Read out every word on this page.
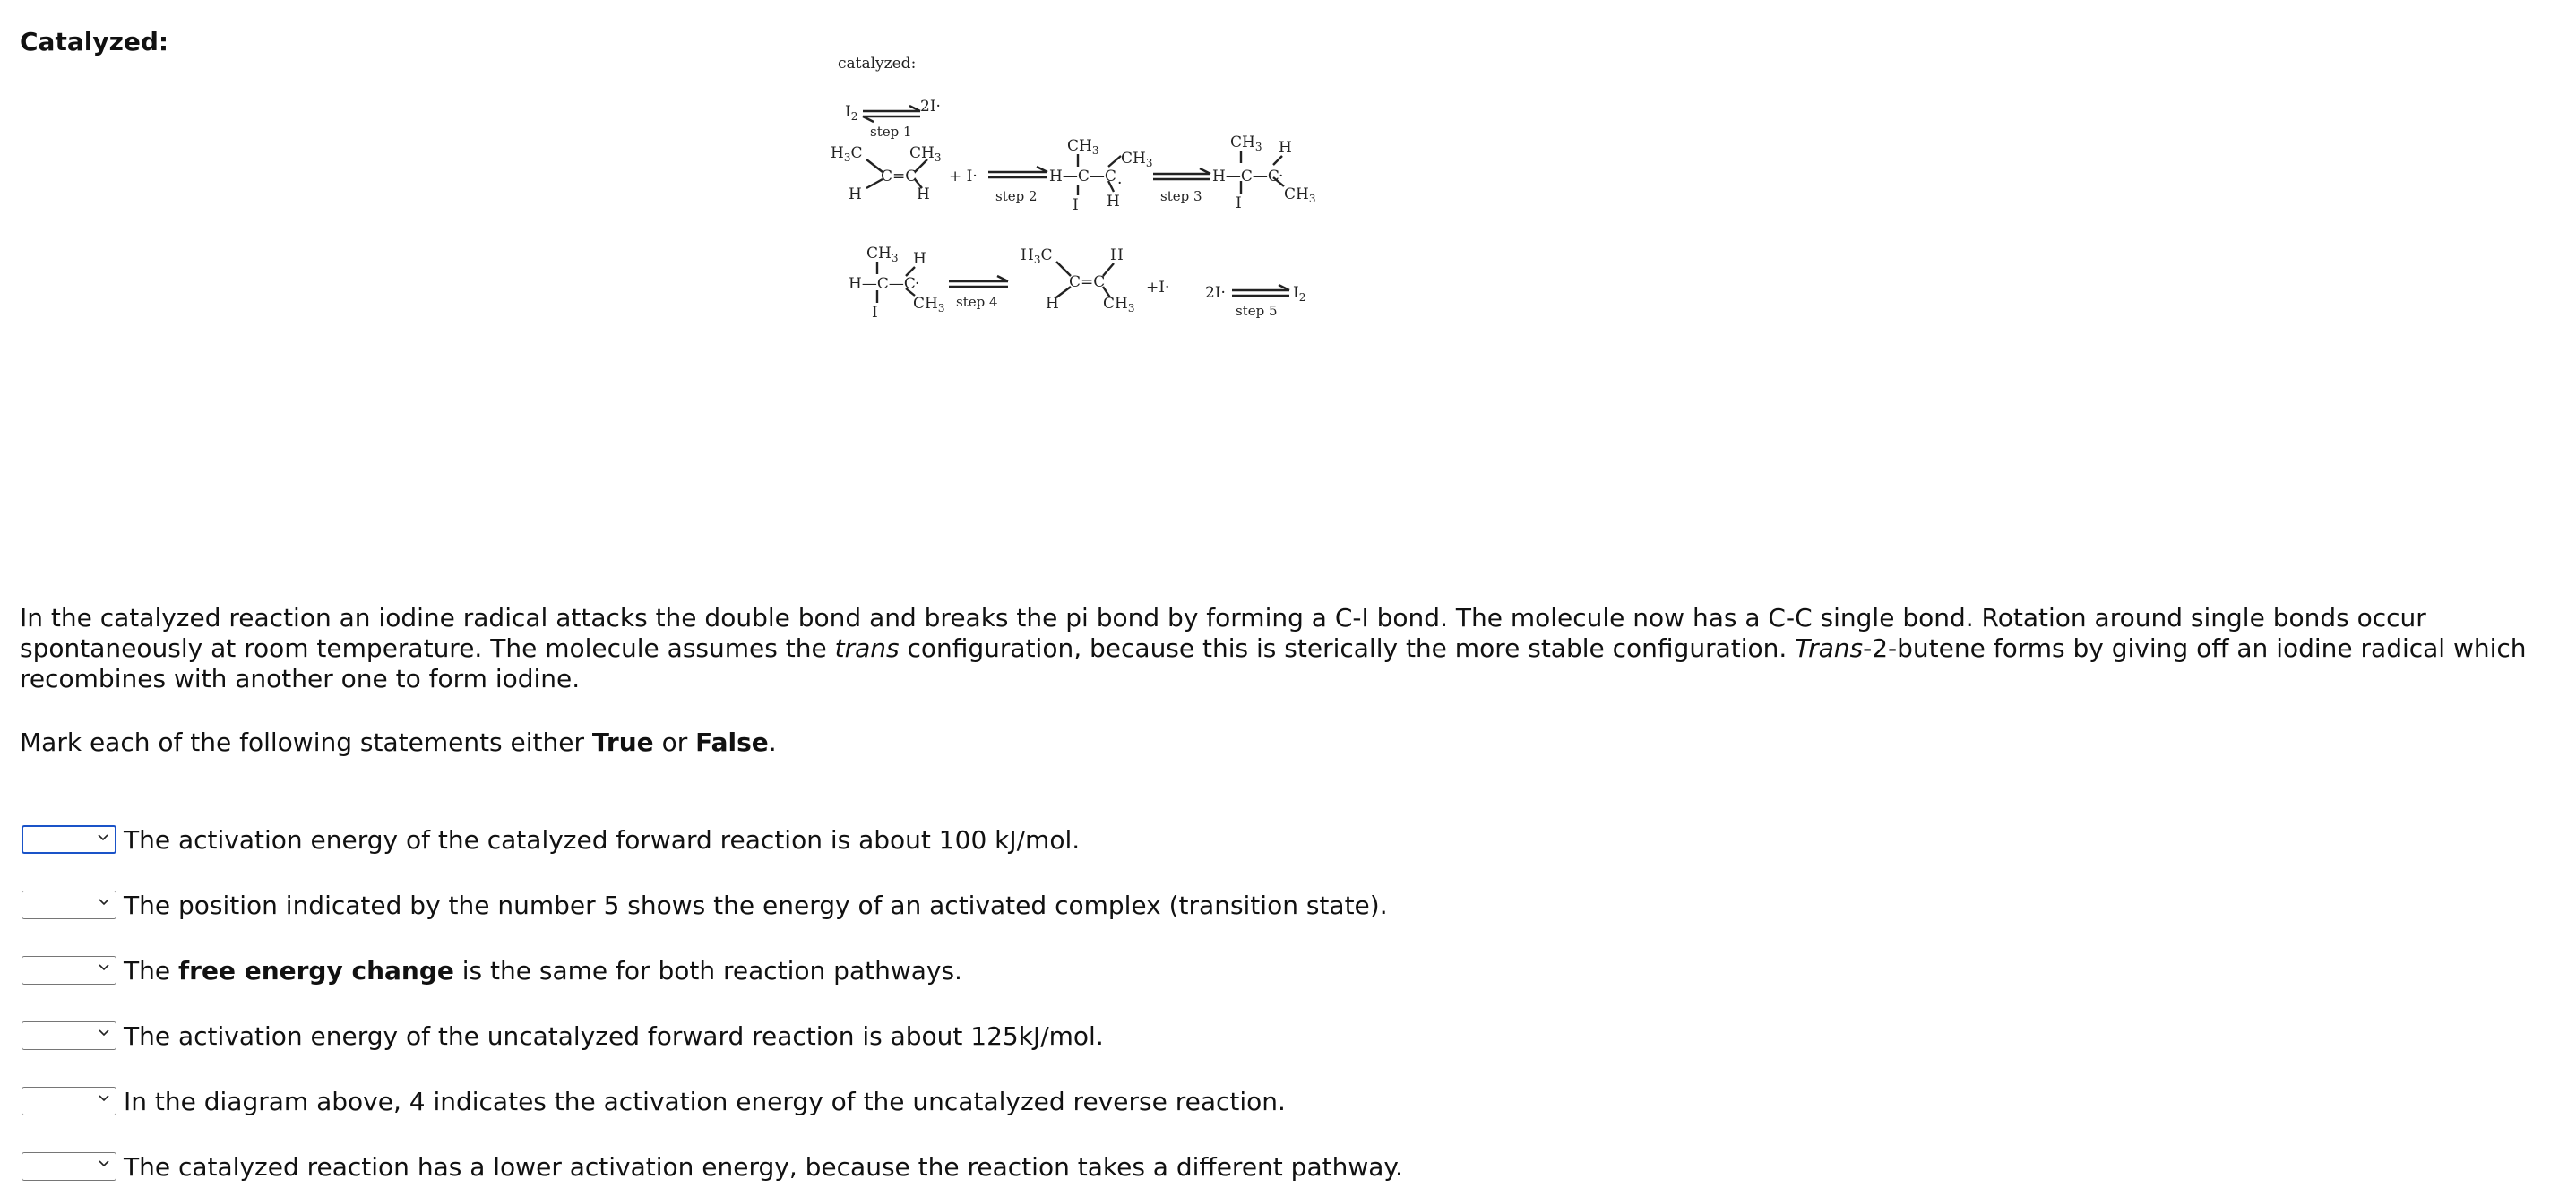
Catalyzed:
catalyzed:
$I_2$
2I·
step 1
$H_3C$	$CH_3$
C=C
H	H
+ I·
step 2
$CH_3$
H—C—C ·
$CH_3$
H
I	step 3
$CH_3$ H
H—C—C ·
$CH_3$
I
$CH_3$ H
H—C—C ·
$CH_3$
I
step 4
$H_3C$	H
C=C
H	$CH_3$
+I·	2I·	$I_2$
step 5

In the catalyzed reaction an iodine radical attacks the double bond and breaks the pi bond by forming a C-I bond. The molecule now has a C-C single bond. Rotation around single bonds occur spontaneously at room temperature. The molecule assumes the trans configuration, because this is sterically the more stable configuration. Trans-2-butene forms by giving off an iodine radical which recombines with another one to form iodine.

Mark each of the following statements either True or False.

The activation energy of the catalyzed forward reaction is about 100 kJ/mol.
The position indicated by the number 5 shows the energy of an activated complex (transition state).
The free energy change is the same for both reaction pathways.
The activation energy of the uncatalyzed forward reaction is about 125kJ/mol.
In the diagram above, 4 indicates the activation energy of the uncatalyzed reverse reaction.
The catalyzed reaction has a lower activation energy, because the reaction takes a different pathway.
